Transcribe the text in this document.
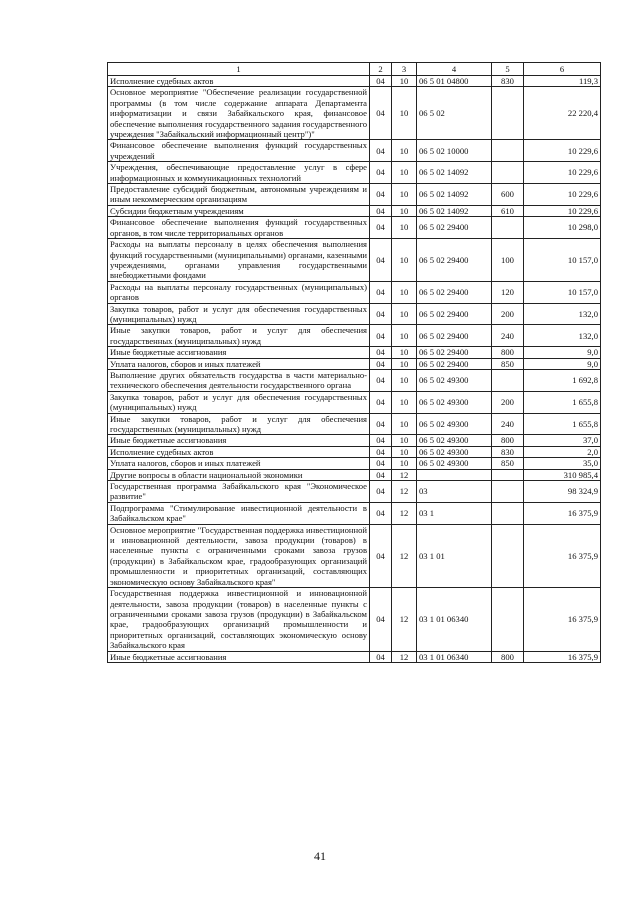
1	2	3	4	5	6
Исполнение судебных актов	04	10	06 5 01 04800	830	119,3
Основное мероприятие "Обеспечение реализации государственной программы (в том числе содержание аппарата Департамента информатизации и связи Забайкальского края, финансовое обеспечение выполнения государственного задания государственного учреждения "Забайкальский информационный центр")"	04	10	06 5 02		22 220,4
Финансовое обеспечение выполнения функций государственных учреждений	04	10	06 5 02 10000		10 229,6
Учреждения, обеспечивающие предоставление услуг в сфере информационных и коммуникационных технологий	04	10	06 5 02 14092		10 229,6
Предоставление субсидий бюджетным, автономным учреждениям и иным некоммерческим организациям	04	10	06 5 02 14092	600	10 229,6
Субсидии бюджетным учреждениям	04	10	06 5 02 14092	610	10 229,6
Финансовое обеспечение выполнения функций государственных органов, в том числе территориальных органов	04	10	06 5 02 29400		10 298,0
Расходы на выплаты персоналу в целях обеспечения выполнения функций государственными (муниципальными) органами, казенными учреждениями, органами управления государственными внебюджетными фондами	04	10	06 5 02 29400	100	10 157,0
Расходы на выплаты персоналу государственных (муниципальных) органов	04	10	06 5 02 29400	120	10 157,0
Закупка товаров, работ и услуг для обеспечения государственных (муниципальных) нужд	04	10	06 5 02 29400	200	132,0
Иные закупки товаров, работ и услуг для обеспечения государственных (муниципальных) нужд	04	10	06 5 02 29400	240	132,0
Иные бюджетные ассигнования	04	10	06 5 02 29400	800	9,0
Уплата налогов, сборов и иных платежей	04	10	06 5 02 29400	850	9,0
Выполнение других обязательств государства в части материально-технического обеспечения деятельности государственного органа	04	10	06 5 02 49300		1 692,8
Закупка товаров, работ и услуг для обеспечения государственных (муниципальных) нужд	04	10	06 5 02 49300	200	1 655,8
Иные закупки товаров, работ и услуг для обеспечения государственных (муниципальных) нужд	04	10	06 5 02 49300	240	1 655,8
Иные бюджетные ассигнования	04	10	06 5 02 49300	800	37,0
Исполнение судебных актов	04	10	06 5 02 49300	830	2,0
Уплата налогов, сборов и иных платежей	04	10	06 5 02 49300	850	35,0
Другие вопросы в области национальной экономики	04	12			310 985,4
Государственная программа Забайкальского края "Экономическое развитие"	04	12	03		98 324,9
Подпрограмма "Стимулирование инвестиционной деятельности в Забайкальском крае"	04	12	03 1		16 375,9
Основное мероприятие "Государственная поддержка инвестиционной и инновационной деятельности, завоза продукции (товаров) в населенные пункты с ограниченными сроками завоза грузов (продукции) в Забайкальском крае, градообразующих организаций промышленности и приоритетных организаций, составляющих экономическую основу Забайкальского края"	04	12	03 1 01		16 375,9
Государственная поддержка инвестиционной и инновационной деятельности, завоза продукции (товаров) в населенные пункты с ограниченными сроками завоза грузов (продукции) в Забайкальском крае, градообразующих организаций промышленности и приоритетных организаций, составляющих экономическую основу Забайкальского края	04	12	03 1 01 06340		16 375,9
Иные бюджетные ассигнования	04	12	03 1 01 06340	800	16 375,9
41
